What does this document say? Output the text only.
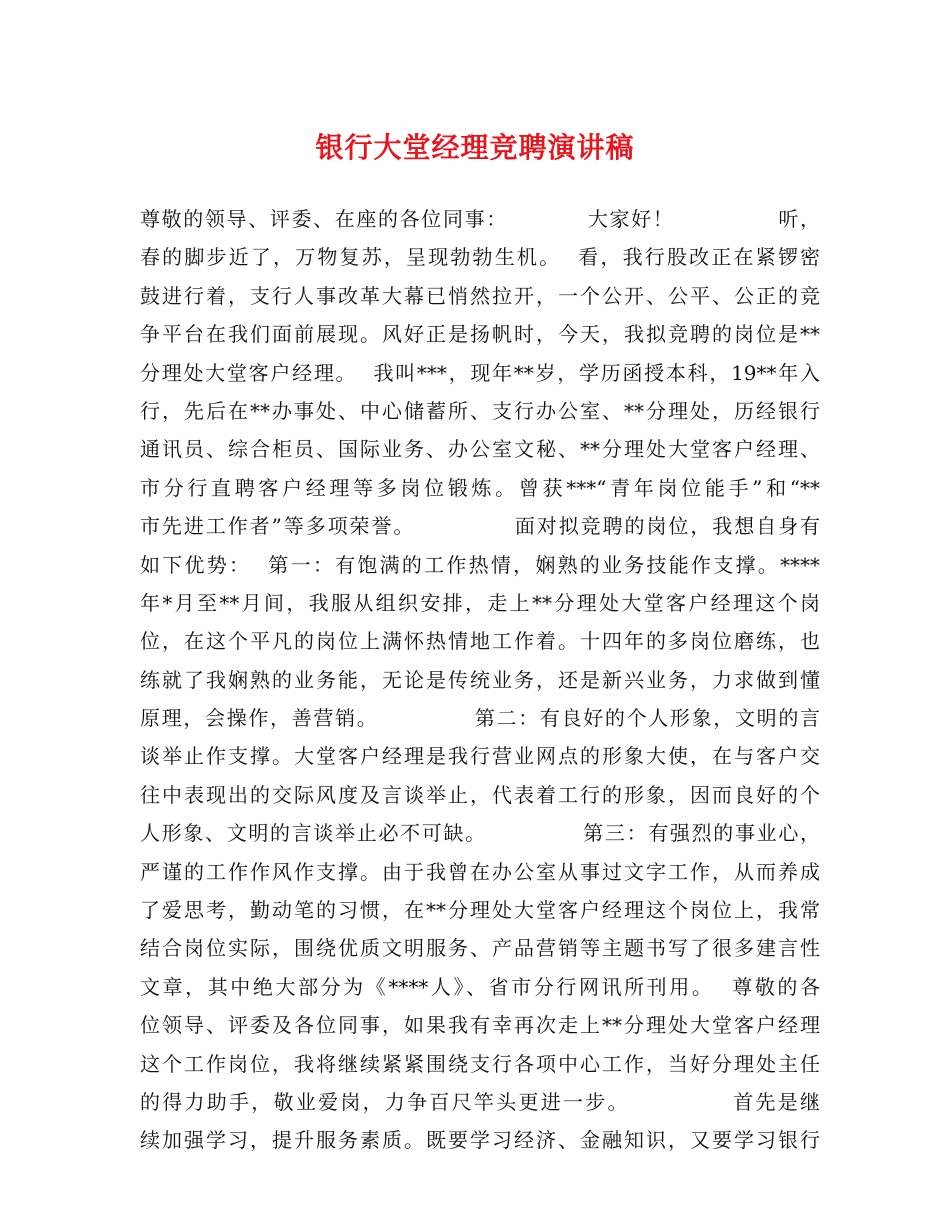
银行大堂经理竞聘演讲稿
尊敬的领导、评委、在座的各位同事：          大家好！             听，
春的脚步近了，万物复苏，呈现勃勃生机。  看，我行股改正在紧锣密
鼓进行着，支行人事改革大幕已悄然拉开，一个公开、公平、公正的竞
争平台在我们面前展现。风好正是扬帆时，今天，我拟竞聘的岗位是**
分理处大堂客户经理。  我叫***，现年**岁，学历函授本科，19**年入
行，先后在**办事处、中心储蓄所、支行办公室、**分理处，历经银行
通讯员、综合柜员、国际业务、办公室文秘、**分理处大堂客户经理、
市分行直聘客户经理等多岗位锻炼。曾获***“青年岗位能手”和“**
市先进工作者”等多项荣誉。            面对拟竞聘的岗位，我想自身有
如下优势：  第一：有饱满的工作热情，娴熟的业务技能作支撑。****
年*月至**月间，我服从组织安排，走上**分理处大堂客户经理这个岗
位，在这个平凡的岗位上满怀热情地工作着。十四年的多岗位磨练，也
练就了我娴熟的业务能，无论是传统业务，还是新兴业务，力求做到懂
原理，会操作，善营销。            第二：有良好的个人形象，文明的言
谈举止作支撑。大堂客户经理是我行营业网点的形象大使，在与客户交
往中表现出的交际风度及言谈举止，代表着工行的形象，因而良好的个
人形象、文明的言谈举止必不可缺。            第三：有强烈的事业心，
严谨的工作作风作支撑。由于我曾在办公室从事过文字工作，从而养成
了爱思考，勤动笔的习惯，在**分理处大堂客户经理这个岗位上，我常
结合岗位实际，围绕优质文明服务、产品营销等主题书写了很多建言性
文章，其中绝大部分为《****人》、省市分行网讯所刊用。  尊敬的各
位领导、评委及各位同事，如果我有幸再次走上**分理处大堂客户经理
这个工作岗位，我将继续紧紧围绕支行各项中心工作，当好分理处主任
的得力助手，敬业爱岗，力争百尺竿头更进一步。            首先是继
续加强学习，提升服务素质。既要学习经济、金融知识，又要学习银行
